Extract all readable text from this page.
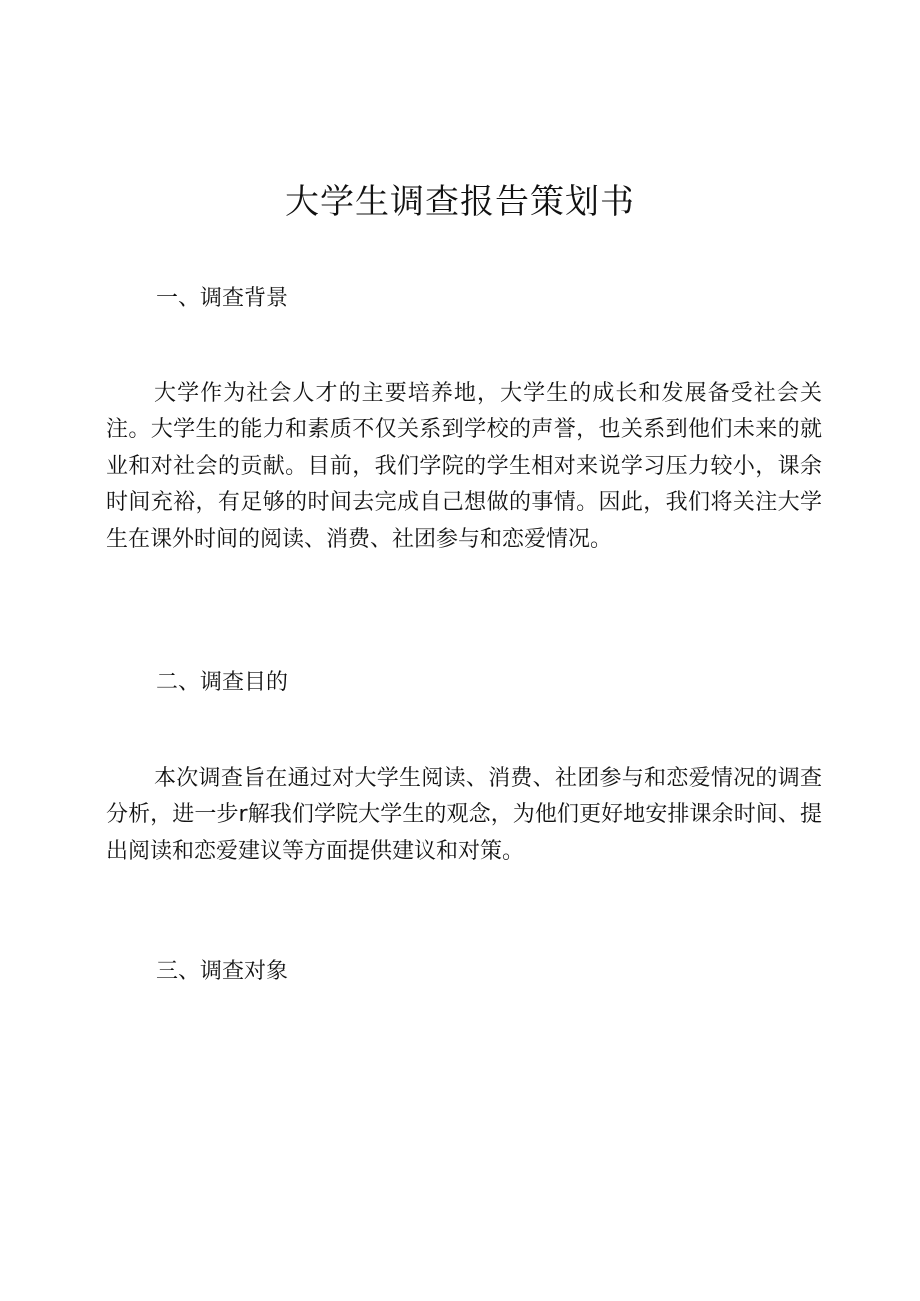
大学生调查报告策划书
一、调查背景

大学作为社会人才的主要培养地，大学生的成长和发展备受社会关注。大学生的能力和素质不仅关系到学校的声誉，也关系到他们未来的就业和对社会的贡献。目前，我们学院的学生相对来说学习压力较小，课余时间充裕，有足够的时间去完成自己想做的事情。因此，我们将关注大学生在课外时间的阅读、消费、社团参与和恋爱情况。

二、调查目的

本次调查旨在通过对大学生阅读、消费、社团参与和恋爱情况的调查分析，进一步r解我们学院大学生的观念，为他们更好地安排课余时间、提出阅读和恋爱建议等方面提供建议和对策。

三、调查对象
